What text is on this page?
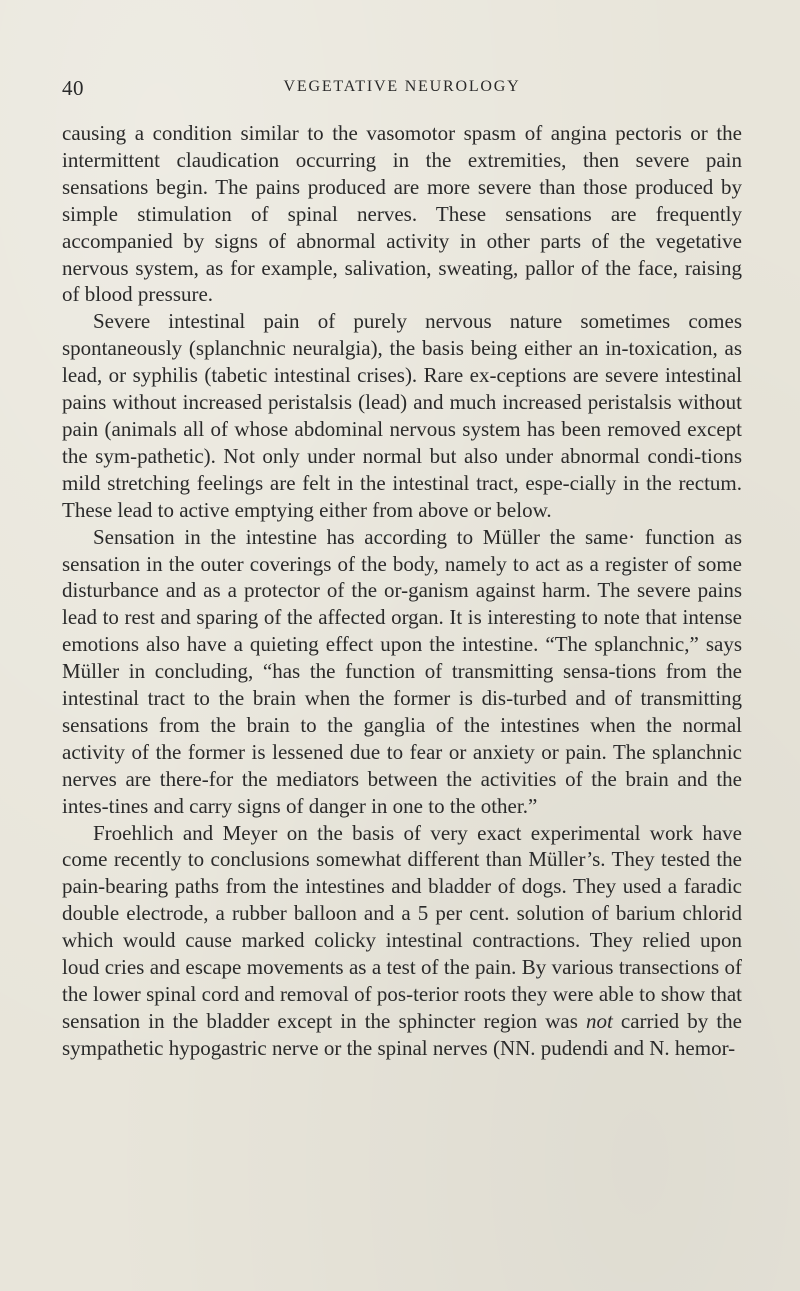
40	VEGETATIVE NEUROLOGY

causing a condition similar to the vasomotor spasm of angina pectoris or the intermittent claudication occurring in the extremities, then severe pain sensations begin. The pains produced are more severe than those produced by simple stimulation of spinal nerves. These sensations are frequently accompanied by signs of abnormal activity in other parts of the vegetative nervous system, as for example, salivation, sweating, pallor of the face, raising of blood pressure.

Severe intestinal pain of purely nervous nature sometimes comes spontaneously (splanchnic neuralgia), the basis being either an in-toxication, as lead, or syphilis (tabetic intestinal crises). Rare ex-ceptions are severe intestinal pains without increased peristalsis (lead) and much increased peristalsis without pain (animals all of whose abdominal nervous system has been removed except the sym-pathetic). Not only under normal but also under abnormal condi-tions mild stretching feelings are felt in the intestinal tract, espe-cially in the rectum. These lead to active emptying either from above or below.

Sensation in the intestine has according to Müller the same· function as sensation in the outer coverings of the body, namely to act as a register of some disturbance and as a protector of the or-ganism against harm. The severe pains lead to rest and sparing of the affected organ. It is interesting to note that intense emotions also have a quieting effect upon the intestine. “The splanchnic,” says Müller in concluding, “has the function of transmitting sensa-tions from the intestinal tract to the brain when the former is dis-turbed and of transmitting sensations from the brain to the ganglia of the intestines when the normal activity of the former is lessened due to fear or anxiety or pain. The splanchnic nerves are there-for the mediators between the activities of the brain and the intes-tines and carry signs of danger in one to the other.”

Froehlich and Meyer on the basis of very exact experimental work have come recently to conclusions somewhat different than Müller’s. They tested the pain-bearing paths from the intestines and bladder of dogs. They used a faradic double electrode, a rubber balloon and a 5 per cent. solution of barium chlorid which would cause marked colicky intestinal contractions. They relied upon loud cries and escape movements as a test of the pain. By various transections of the lower spinal cord and removal of pos-terior roots they were able to show that sensation in the bladder except in the sphincter region was not carried by the sympathetic hypogastric nerve or the spinal nerves (NN. pudendi and N. hemor-
